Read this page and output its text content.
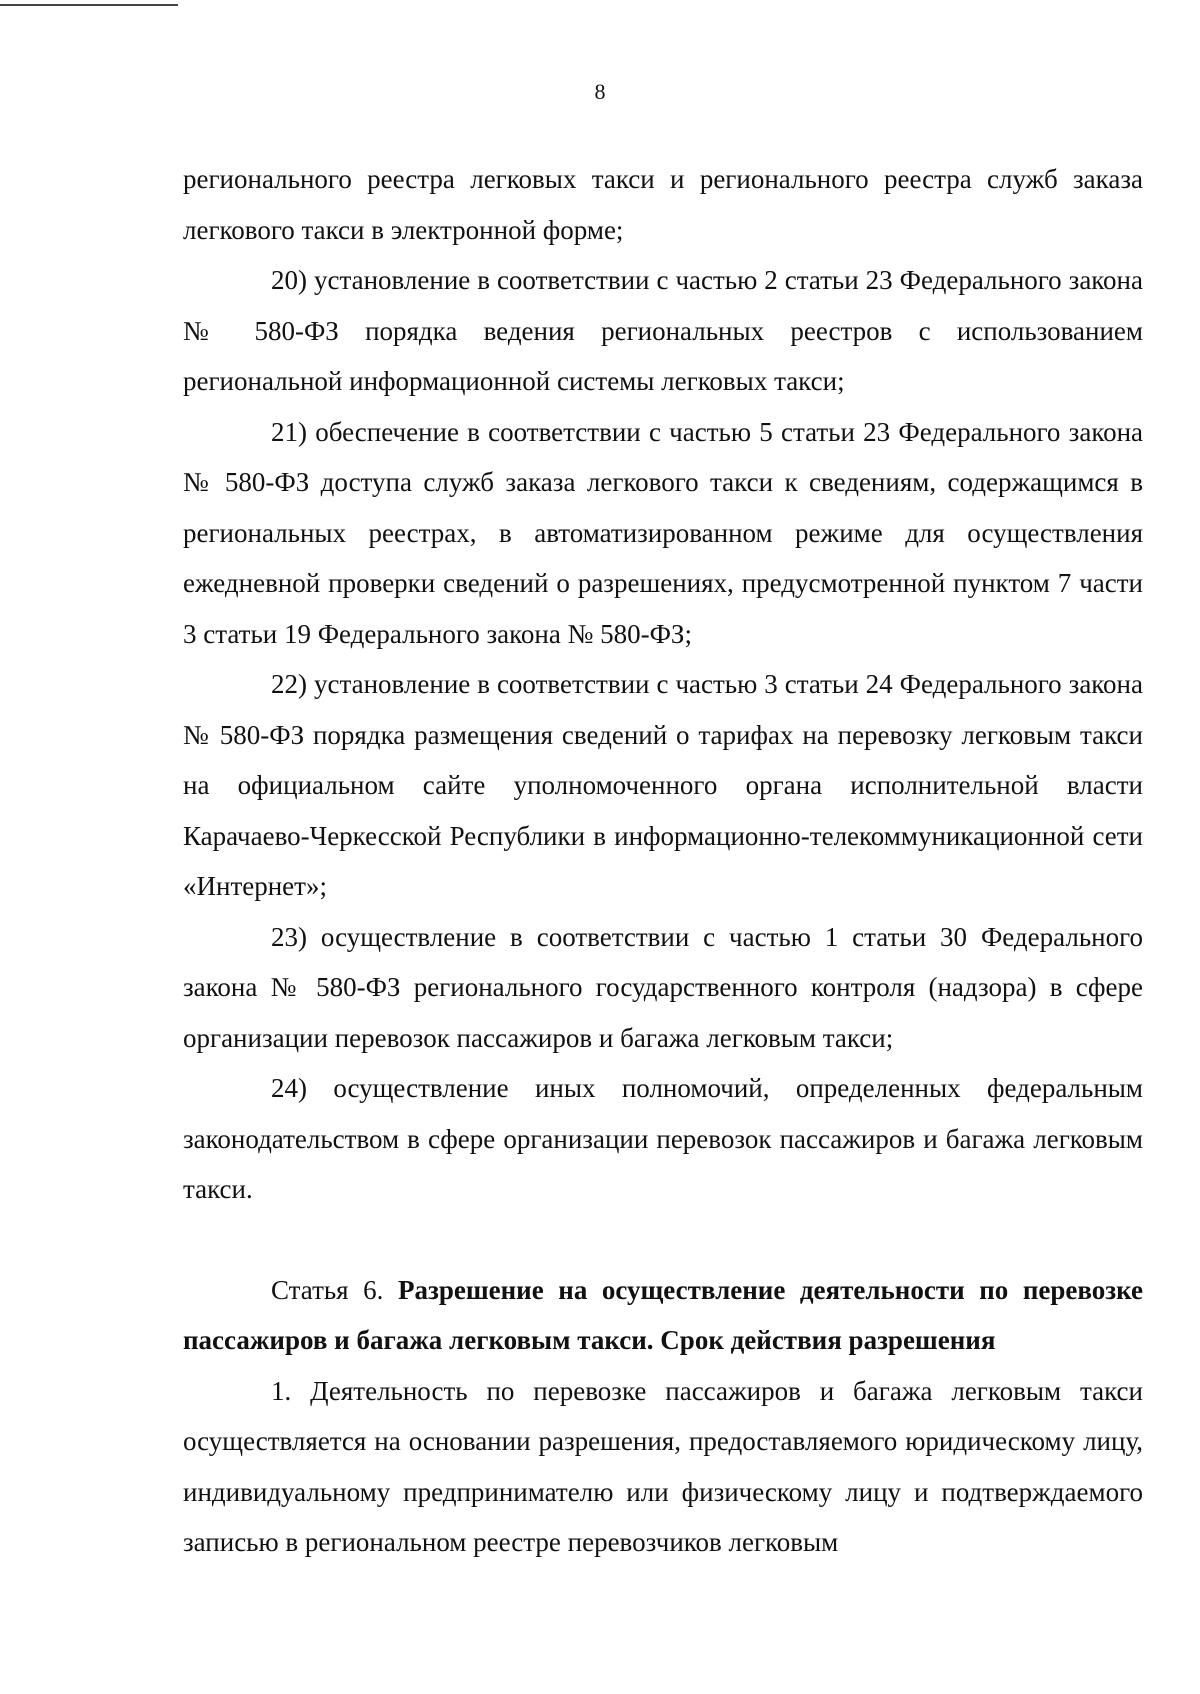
8

регионального реестра легковых такси и регионального реестра служб заказа легкового такси в электронной форме;

20) установление в соответствии с частью 2 статьи 23 Федерального закона № 580-ФЗ порядка ведения региональных реестров с использованием региональной информационной системы легковых такси;

21) обеспечение в соответствии с частью 5 статьи 23 Федерального закона № 580-ФЗ доступа служб заказа легкового такси к сведениям, содержащимся в региональных реестрах, в автоматизированном режиме для осуществления ежедневной проверки сведений о разрешениях, предусмотренной пунктом 7 части 3 статьи 19 Федерального закона № 580-ФЗ;

22) установление в соответствии с частью 3 статьи 24 Федерального закона № 580-ФЗ порядка размещения сведений о тарифах на перевозку легковым такси на официальном сайте уполномоченного органа исполнительной власти Карачаево-Черкесской Республики в информационно-телекоммуникационной сети «Интернет»;

23) осуществление в соответствии с частью 1 статьи 30 Федерального закона № 580-ФЗ регионального государственного контроля (надзора) в сфере организации перевозок пассажиров и багажа легковым такси;

24) осуществление иных полномочий, определенных федеральным законодательством в сфере организации перевозок пассажиров и багажа легковым такси.

Статья 6. Разрешение на осуществление деятельности по перевозке пассажиров и багажа легковым такси. Срок действия разрешения

1. Деятельность по перевозке пассажиров и багажа легковым такси осуществляется на основании разрешения, предоставляемого юридическому лицу, индивидуальному предпринимателю или физическому лицу и подтверждаемого записью в региональном реестре перевозчиков легковым
